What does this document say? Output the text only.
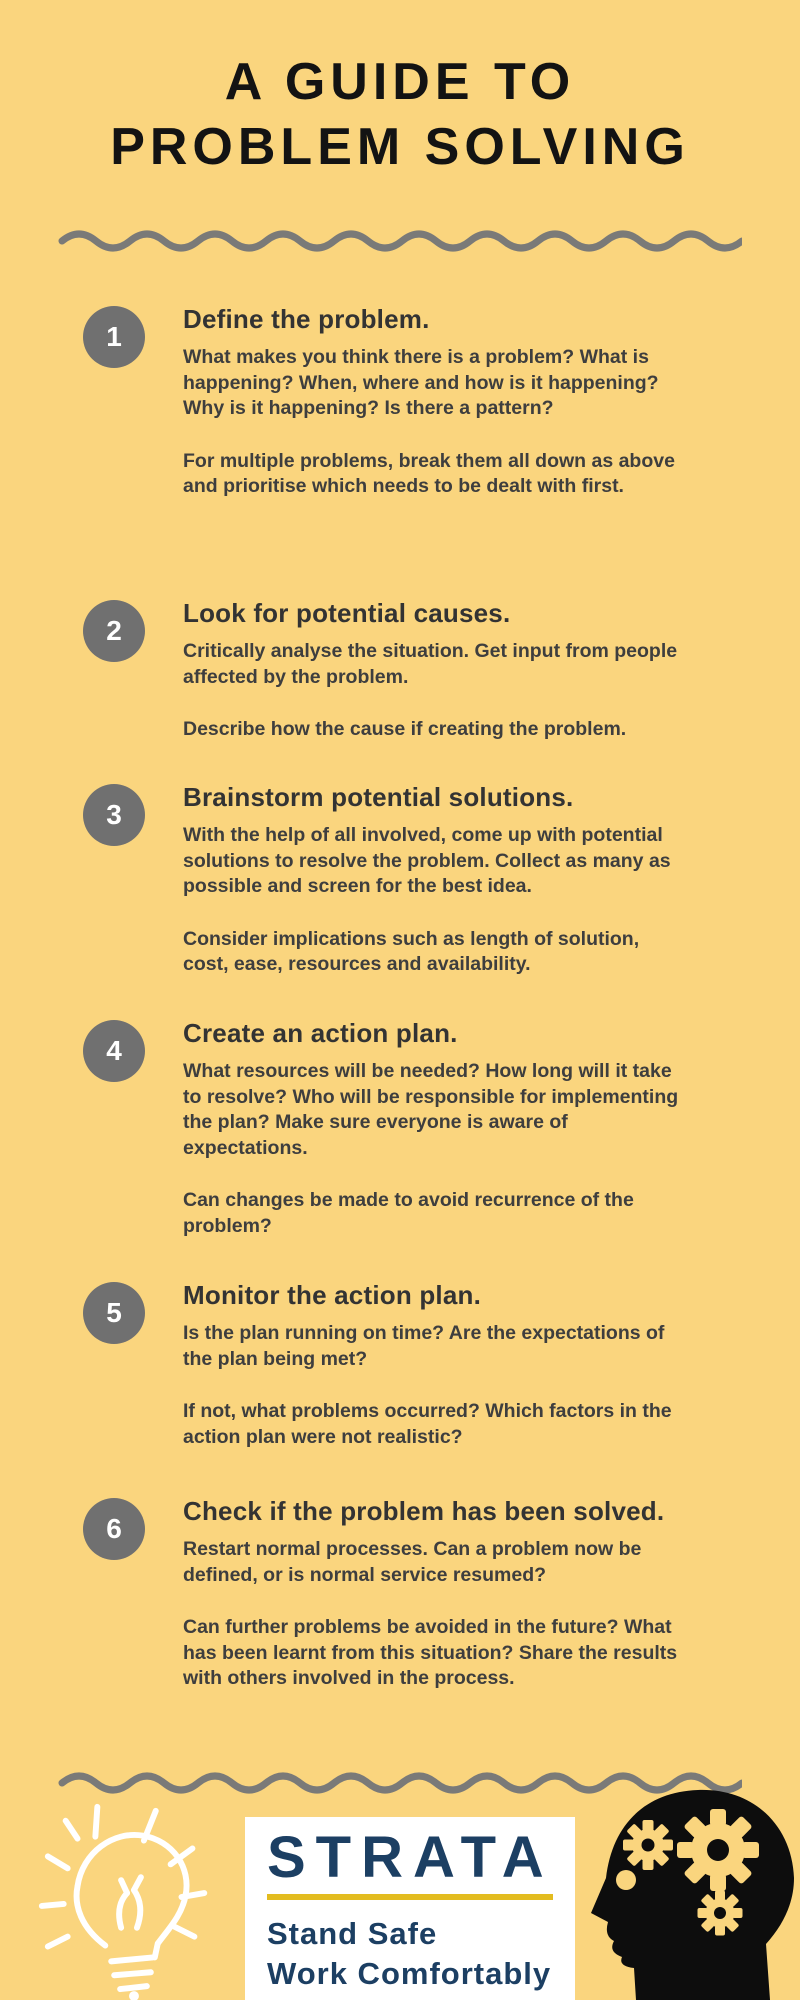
A GUIDE TO
PROBLEM SOLVING
1
Define the problem.

What makes you think there is a problem? What is happening? When, where and how is it happening? Why is it happening? Is there a pattern?

For multiple problems, break them all down as above and prioritise which needs to be dealt with first.

2
Look for potential causes.

Critically analyse the situation. Get input from people affected by the problem.

Describe how the cause if creating the problem.

3
Brainstorm potential solutions.

With the help of all involved, come up with potential solutions to resolve the problem. Collect as many as possible and screen for the best idea.

Consider implications such as length of solution, cost, ease, resources and availability.

4
Create an action plan.

What resources will be needed? How long will it take to resolve? Who will be responsible for implementing the plan? Make sure everyone is aware of expectations.

Can changes be made to avoid recurrence of the problem?

5
Monitor the action plan.

Is the plan running on time? Are the expectations of the plan being met?

If not, what problems occurred? Which factors in the action plan were not realistic?

6
Check if the problem has been solved.

Restart normal processes. Can a problem now be defined, or is normal service resumed?

Can further problems be avoided in the future? What has been learnt from this situation? Share the results with others involved in the process.

STRATA
Stand Safe
Work Comfortably
